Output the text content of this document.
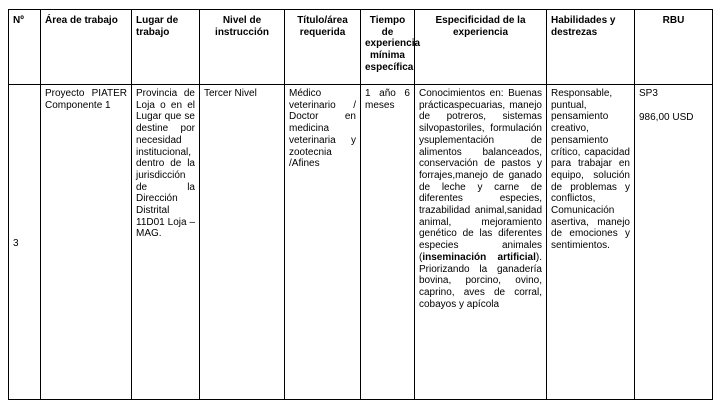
Nº	Área de trabajo	Lugar de trabajo	Nivel de instrucción	Título/área requerida	Tiempo de experiencia mínima específica	Especificidad de la experiencia	Habilidades y destrezas	RBU
3	Proyecto PIATER Componente 1	Provincia de Loja o en el Lugar que se destine por necesidad institucional, dentro de la jurisdicción de la Dirección Distrital 11D01 Loja – MAG.	Tercer Nivel	Médico veterinario / Doctor en medicina veterinaria y zootecnia /Afines	1 año 6 meses	Conocimientos en: Buenas prácticaspecuarias, manejo de potreros, sistemas silvopastoriles, formulación ysuplementación de alimentos balanceados, conservación de pastos y forrajes,manejo de ganado de leche y carne de diferentes especies, trazabilidad animal,sanidad animal, mejoramiento genético de las diferentes especies animales (inseminación artificial). Priorizando la ganadería bovina, porcino, ovino, caprino, aves de corral, cobayos y apícola	Responsable, puntual, pensamiento creativo, pensamiento crítico, capacidad para trabajar en equipo, solución de problemas y conflictos, Comunicación asertiva, manejo de emociones y sentimientos.	SP3
986,00 USD
